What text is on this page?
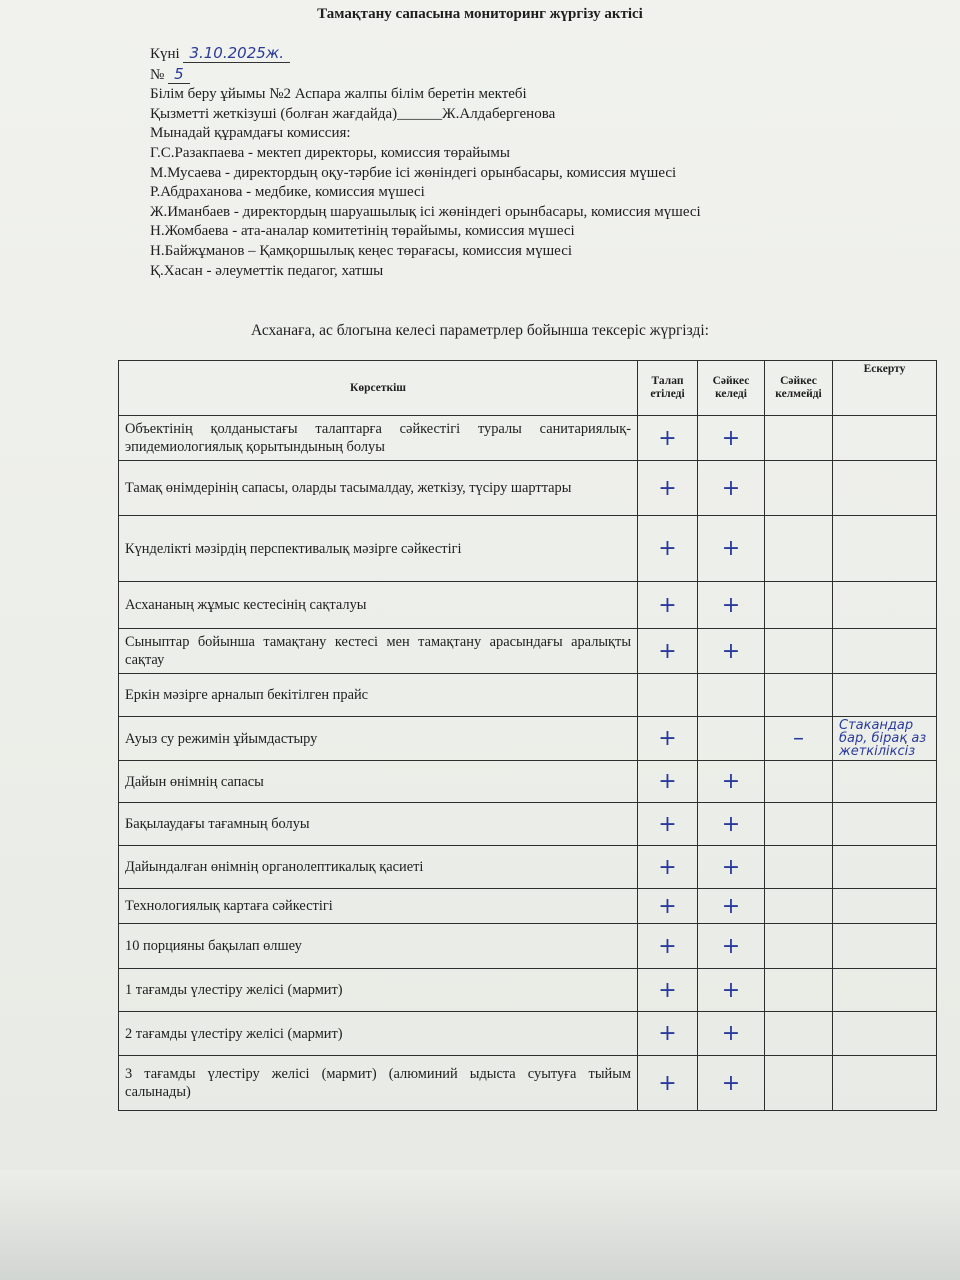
Тамақтану сапасына мониторинг жүргізу актісі
Күні 3.10.2025ж.
№ 5
Білім беру ұйымы №2 Аспара жалпы білім беретін мектебі
Қызметті жеткізуші (болған жағдайда)______Ж.Алдабергенова
Мынадай құрамдағы комиссия:
Г.С.Разакпаева - мектеп директоры, комиссия төрайымы
М.Мусаева - директордың оқу-тәрбие ісі жөніндегі орынбасары, комиссия мүшесі
Р.Абдраханова - медбике, комиссия мүшесі
Ж.Иманбаев - директордың шаруашылық ісі жөніндегі орынбасары, комиссия мүшесі
Н.Жомбаева - ата-аналар комитетінің төрайымы, комиссия мүшесі
Н.Байжұманов – Қамқоршылық кеңес төрағасы, комиссия мүшесі
Қ.Хасан - әлеуметтік педагог, хатшы
Асханаға, ас блогына келесі параметрлер бойынша тексеріс жүргізді:
Көрсеткіш	Талап етіледі	Сәйкес келеді	Сәйкес келмейді	Ескерту
Объектінің қолданыстағы талаптарға сәйкестігі туралы санитариялық-эпидемиологиялық қорытындының болуы	+	+		
Тамақ өнімдерінің сапасы, оларды тасымалдау, жеткізу, түсіру шарттары	+	+		
Күнделікті мәзірдің перспективалық мәзірге сәйкестігі	+	+		
Асхананың жұмыс кестесінің сақталуы	+	+		
Сыныптар бойынша тамақтану кестесі мен тамақтану арасындағы аралықты сақтау	+	+		
Еркін мәзірге арналып бекітілген прайс				
Ауыз су режимін ұйымдастыру	+		–	Стакандар
бар, бірақ аз
жеткіліксіз
Дайын өнімнің сапасы	+	+		
Бақылаудағы тағамның болуы	+	+		
Дайындалған өнімнің органолептикалық қасиеті	+	+		
Технологиялық картаға сәйкестігі	+	+		
10 порцияны бақылап өлшеу	+	+		
1 тағамды үлестіру желісі (мармит)	+	+		
2 тағамды үлестіру желісі (мармит)	+	+		
3 тағамды үлестіру желісі (мармит) (алюминий ыдыста суытуға тыйым салынады)	+	+		
